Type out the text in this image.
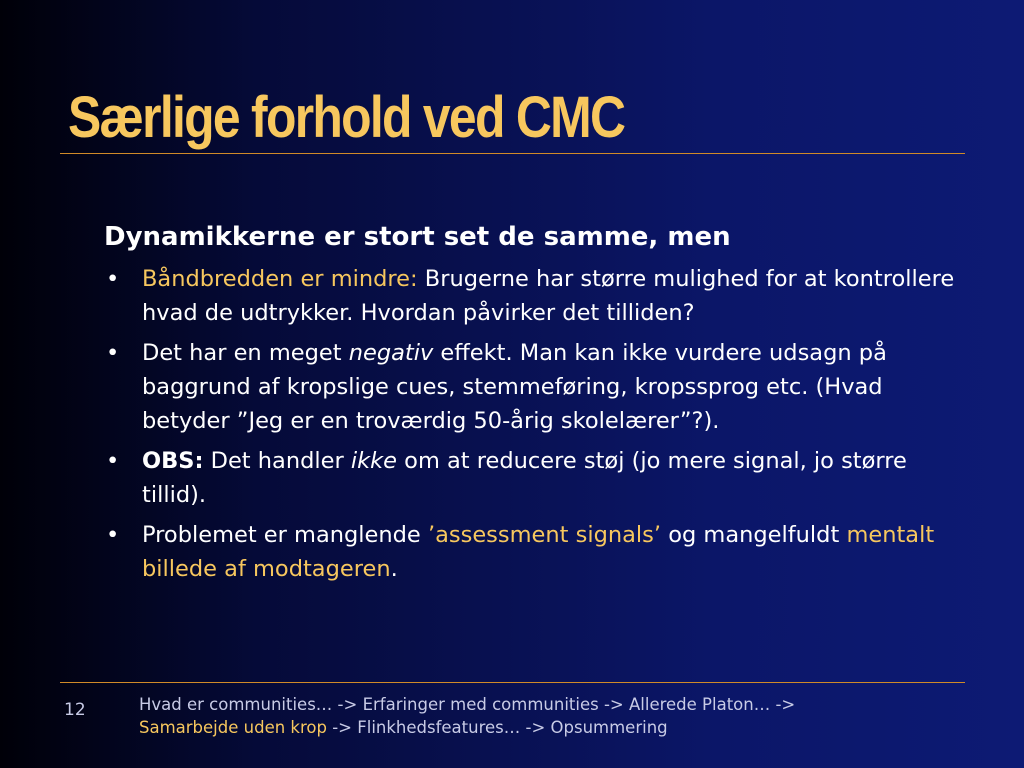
Særlige forhold ved CMC

Dynamikkerne er stort set de samme, men

• Båndbredden er mindre: Brugerne har større mulighed for at kontrollere hvad de udtrykker. Hvordan påvirker det tilliden?
• Det har en meget negativ effekt. Man kan ikke vurdere udsagn på baggrund af kropslige cues, stemmeføring, kropssprog etc. (Hvad betyder ”Jeg er en troværdig 50-årig skolelærer”?).
• OBS: Det handler ikke om at reducere støj (jo mere signal, jo større tillid).
• Problemet er manglende ’assessment signals’ og mangelfuldt mentalt billede af modtageren.
12	Hvad er communities… -> Erfaringer med communities -> Allerede Platon… ->
Samarbejde uden krop -> Flinkhedsfeatures… -> Opsummering
